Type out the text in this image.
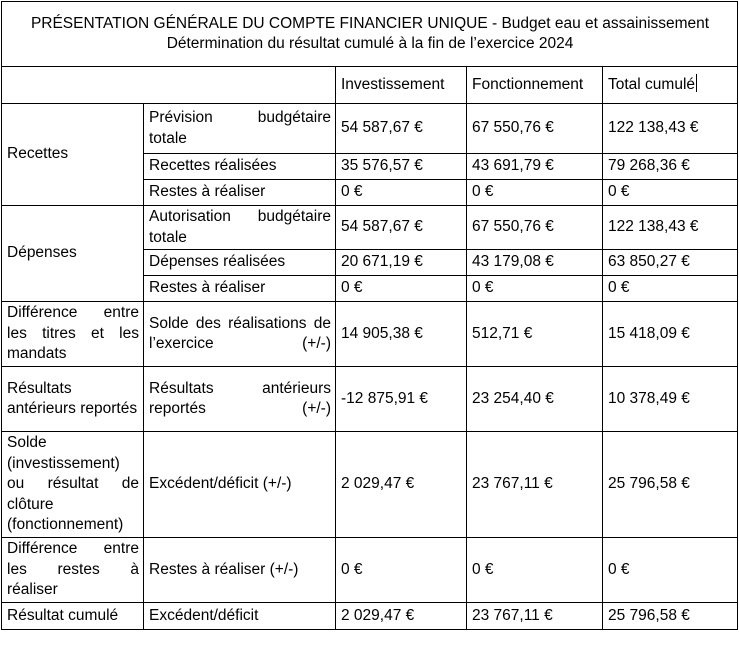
PRÉSENTATION GÉNÉRALE DU COMPTE FINANCIER UNIQUE - Budget eau et assainissement
Détermination du résultat cumulé à la fin de l’exercice 2024				
		Investissement	Fonctionnement	Total cumulé
Recettes	Prévision budgétaire totale	54 587,67 €	67 550,76 €	122 138,43 €
	Recettes réalisées	35 576,57 €	43 691,79 €	79 268,36 €
	Restes à réaliser	0 €	0 €	0 €
Dépenses	Autorisation budgétaire totale	54 587,67 €	67 550,76 €	122 138,43 €
	Dépenses réalisées	20 671,19 €	43 179,08 €	63 850,27 €
	Restes à réaliser	0 €	0 €	0 €
Différence entre les titres et les mandats	Solde des réalisations de l’exercice (+/-)	14 905,38 €	512,71 €	15 418,09 €
Résultats antérieurs reportés	Résultats antérieurs reportés (+/-)	-12 875,91 €	23 254,40 €	10 378,49 €
Solde (investissement) ou résultat de clôture (fonctionnement)	Excédent/déficit (+/-)	2 029,47 €	23 767,11 €	25 796,58 €
Différence entre les restes à réaliser	Restes à réaliser (+/-)	0 €	0 €	0 €
Résultat cumulé	Excédent/déficit	2 029,47 €	23 767,11 €	25 796,58 €
